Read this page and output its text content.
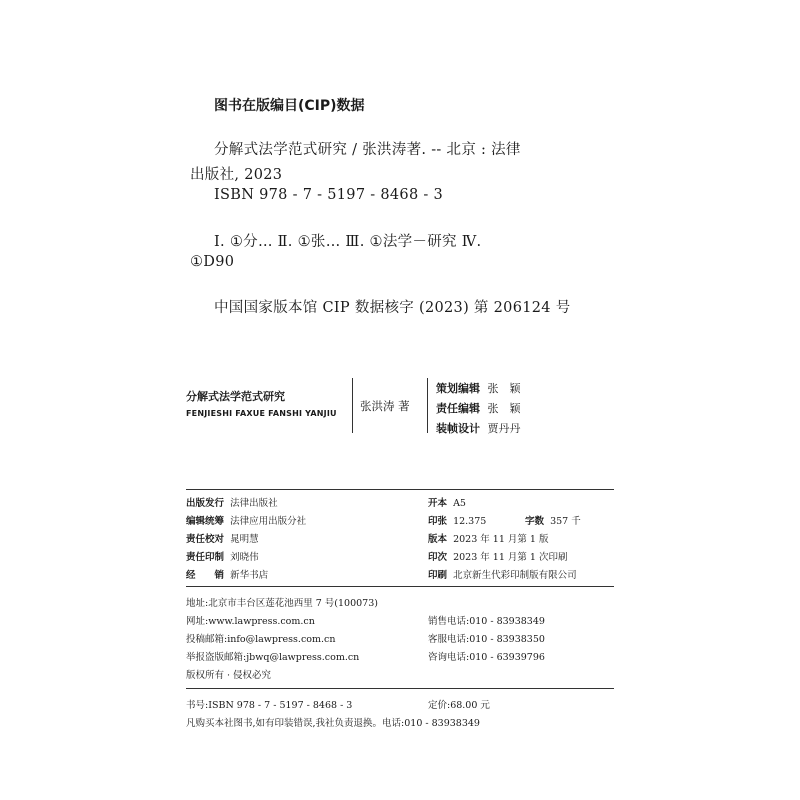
图书在版编目(CIP)数据
分解式法学范式研究 / 张洪涛著. -- 北京 : 法律
出版社, 2023
ISBN 978 - 7 - 5197 - 8468 - 3
Ⅰ. ①分… Ⅱ. ①张… Ⅲ. ①法学－研究 Ⅳ.
①D90
中国国家版本馆 CIP 数据核字 (2023) 第 206124 号
分解式法学范式研究
FENJIESHI FAXUE FANSHI YANJIU
张洪涛 著
策划编辑 张　颖
责任编辑 张　颖
装帧设计 贾丹丹
出版发行 法律出版社
编辑统筹 法律应用出版分社
责任校对 晁明慧
责任印制 刘晓伟
经　　销 新华书店
开本 A5
印张 12.375	字数 357 千
版本 2023 年 11 月第 1 版
印次 2023 年 11 月第 1 次印刷
印刷 北京新生代彩印制版有限公司
地址:北京市丰台区莲花池西里 7 号(100073)
网址:www.lawpress.com.cn
投稿邮箱:info@lawpress.com.cn
举报盗版邮箱:jbwq@lawpress.com.cn
版权所有 · 侵权必究
销售电话:010 - 83938349
客服电话:010 - 83938350
咨询电话:010 - 63939796
书号:ISBN 978 - 7 - 5197 - 8468 - 3	定价:68.00 元
凡购买本社图书,如有印装错误,我社负责退换。电话:010 - 83938349
